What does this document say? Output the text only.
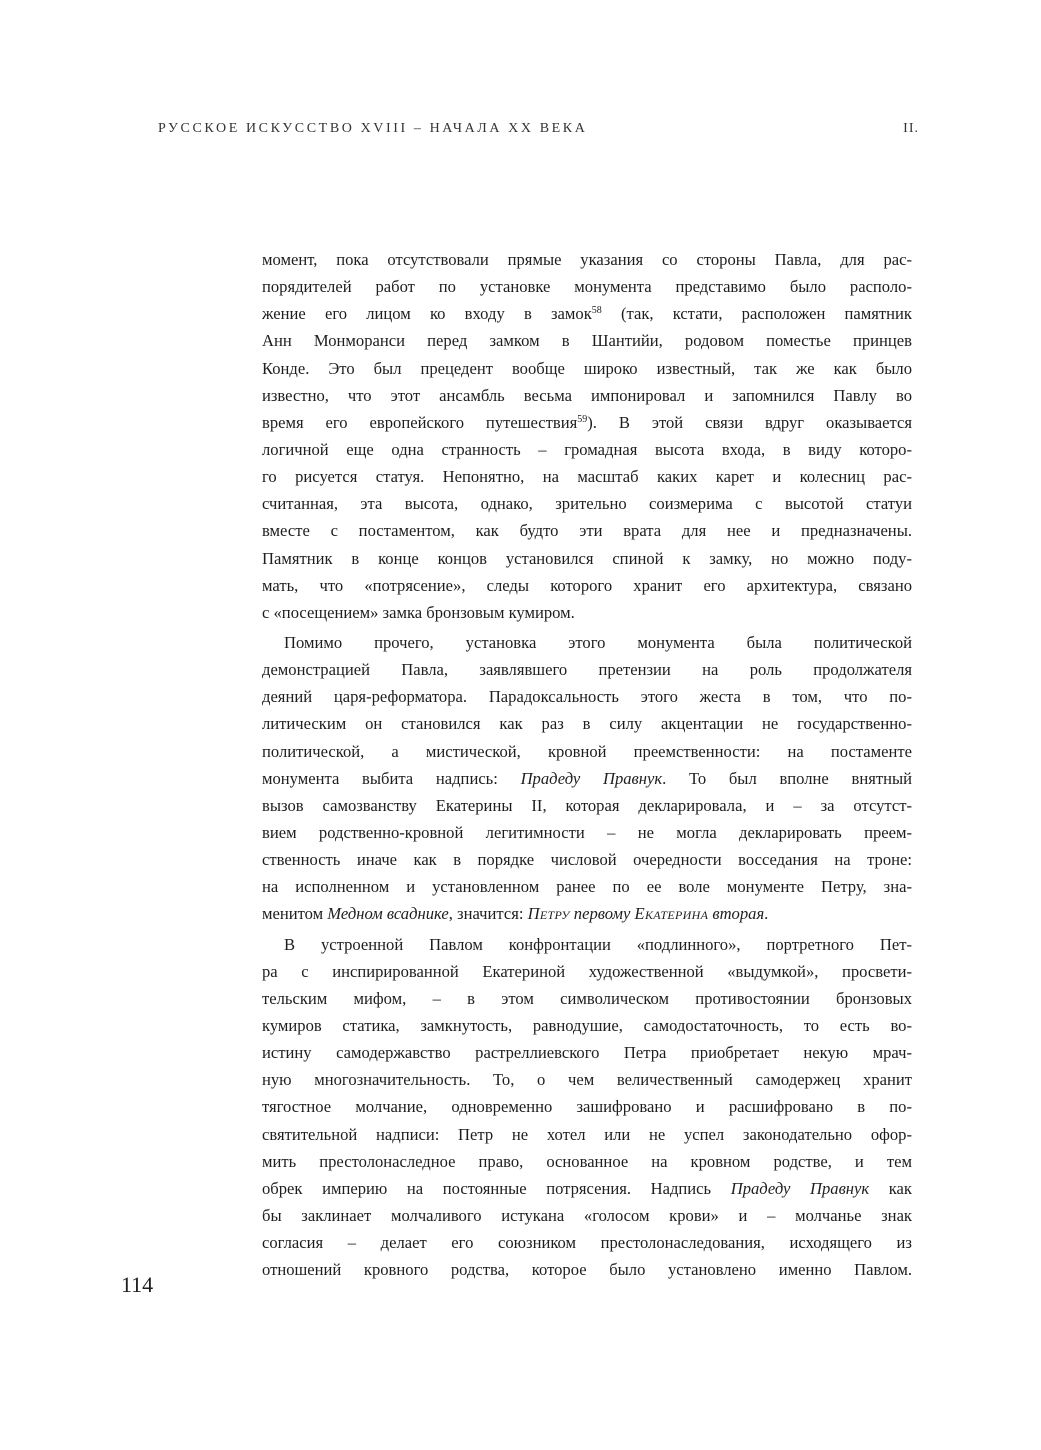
РУССКОЕ ИСКУССТВО XVIII – НАЧАЛА XX ВЕКА	II.
момент, пока отсутствовали прямые указания со стороны Павла, для рас-
порядителей работ по установке монумента представимо было располо-
жение его лицом ко входу в замок$^{58}$ (так, кстати, расположен памятник
Анн Монморанси перед замком в Шантийи, родовом поместье принцев
Конде. Это был прецедент вообще широко известный, так же как было
известно, что этот ансамбль весьма импонировал и запомнился Павлу во
время его европейского путешествия$^{59}$). В этой связи вдруг оказывается
логичной еще одна странность – громадная высота входа, в виду которо-
го рисуется статуя. Непонятно, на масштаб каких карет и колесниц рас-
считанная, эта высота, однако, зрительно соизмерима с высотой статуи
вместе с постаментом, как будто эти врата для нее и предназначены.
Памятник в конце концов установился спиной к замку, но можно поду-
мать, что «потрясение», следы которого хранит его архитектура, связано
с «посещением» замка бронзовым кумиром.
Помимо прочего, установка этого монумента была политической
демонстрацией Павла, заявлявшего претензии на роль продолжателя
деяний царя-реформатора. Парадоксальность этого жеста в том, что по-
литическим он становился как раз в силу акцентации не государственно-
политической, а мистической, кровной преемственности: на постаменте
монумента выбита надпись: Прадеду Правнук. То был вполне внятный
вызов самозванству Екатерины II, которая декларировала, и – за отсутст-
вием родственно-кровной легитимности – не могла декларировать преем-
ственность иначе как в порядке числовой очередности восседания на троне:
на исполненном и установленном ранее по ее воле монументе Петру, зна-
менитом Медном всаднике, значится: Петру первому Екатерина вторая.
В устроенной Павлом конфронтации «подлинного», портретного Пет-
ра с инспирированной Екатериной художественной «выдумкой», просвети-
тельским мифом, – в этом символическом противостоянии бронзовых
кумиров статика, замкнутость, равнодушие, самодостаточность, то есть во-
истину самодержавство растреллиевского Петра приобретает некую мрач-
ную многозначительность. То, о чем величественный самодержец хранит
тягостное молчание, одновременно зашифровано и расшифровано в по-
святительной надписи: Петр не хотел или не успел законодательно офор-
мить престолонаследное право, основанное на кровном родстве, и тем
обрек империю на постоянные потрясения. Надпись Прадеду Правнук как
бы заклинает молчаливого истукана «голосом крови» и – молчанье знак
согласия – делает его союзником престолонаследования, исходящего из
отношений кровного родства, которое было установлено именно Павлом.
114
